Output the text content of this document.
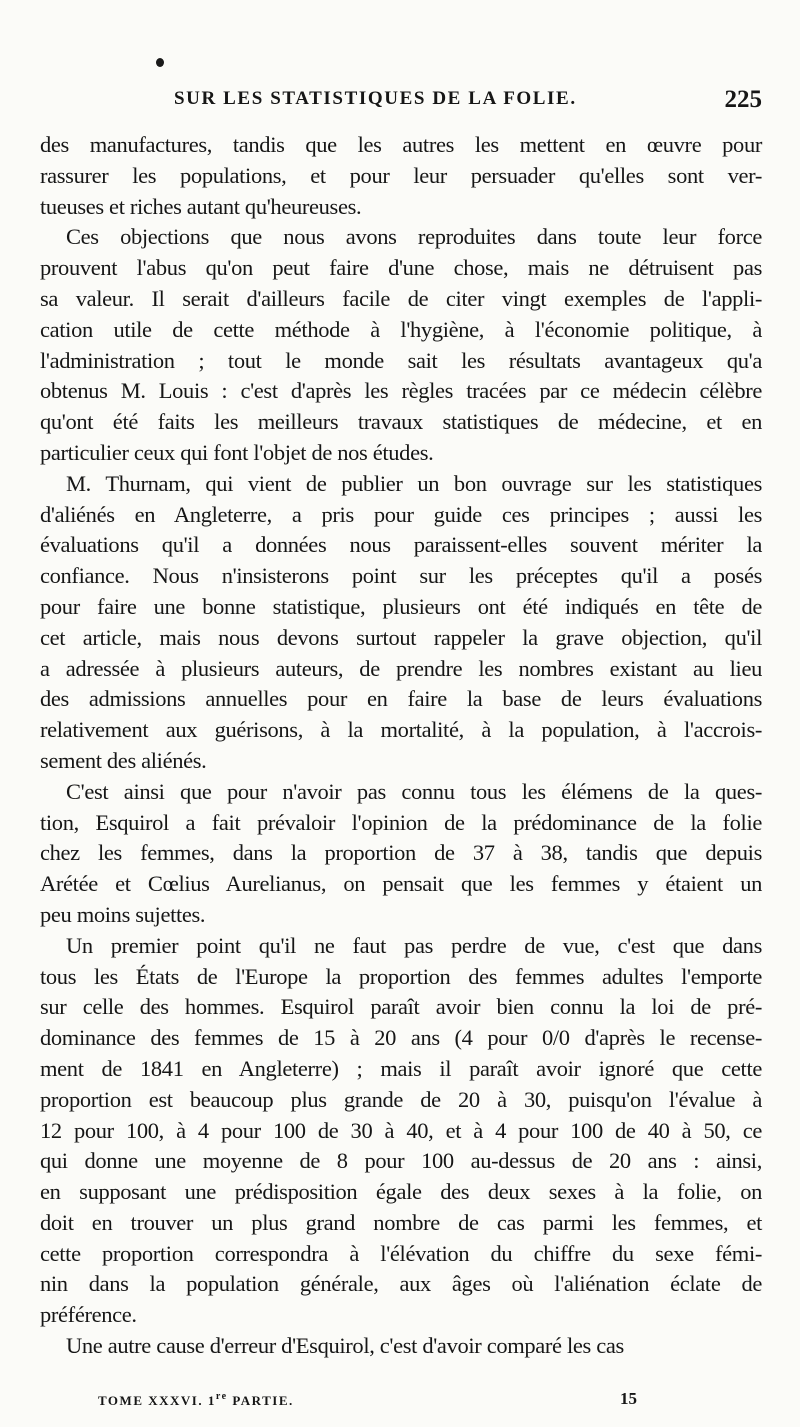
SUR LES STATISTIQUES DE LA FOLIE.	225
des manufactures, tandis que les autres les mettent en œuvre pour
rassurer les populations, et pour leur persuader qu'elles sont ver-
tueuses et riches autant qu'heureuses.
Ces objections que nous avons reproduites dans toute leur force
prouvent l'abus qu'on peut faire d'une chose, mais ne détruisent pas
sa valeur. Il serait d'ailleurs facile de citer vingt exemples de l'appli-
cation utile de cette méthode à l'hygiène, à l'économie politique, à
l'administration ; tout le monde sait les résultats avantageux qu'a
obtenus M. Louis : c'est d'après les règles tracées par ce médecin célèbre
qu'ont été faits les meilleurs travaux statistiques de médecine, et en
particulier ceux qui font l'objet de nos études.
M. Thurnam, qui vient de publier un bon ouvrage sur les statistiques
d'aliénés en Angleterre, a pris pour guide ces principes ; aussi les
évaluations qu'il a données nous paraissent-elles souvent mériter la
confiance. Nous n'insisterons point sur les préceptes qu'il a posés
pour faire une bonne statistique, plusieurs ont été indiqués en tête de
cet article, mais nous devons surtout rappeler la grave objection, qu'il
a adressée à plusieurs auteurs, de prendre les nombres existant au lieu
des admissions annuelles pour en faire la base de leurs évaluations
relativement aux guérisons, à la mortalité, à la population, à l'accrois-
sement des aliénés.
C'est ainsi que pour n'avoir pas connu tous les élémens de la ques-
tion, Esquirol a fait prévaloir l'opinion de la prédominance de la folie
chez les femmes, dans la proportion de 37 à 38, tandis que depuis
Arétée et Cœlius Aurelianus, on pensait que les femmes y étaient un
peu moins sujettes.
Un premier point qu'il ne faut pas perdre de vue, c'est que dans
tous les États de l'Europe la proportion des femmes adultes l'emporte
sur celle des hommes. Esquirol paraît avoir bien connu la loi de pré-
dominance des femmes de 15 à 20 ans (4 pour 0/0 d'après le recense-
ment de 1841 en Angleterre) ; mais il paraît avoir ignoré que cette
proportion est beaucoup plus grande de 20 à 30, puisqu'on l'évalue à
12 pour 100, à 4 pour 100 de 30 à 40, et à 4 pour 100 de 40 à 50, ce
qui donne une moyenne de 8 pour 100 au-dessus de 20 ans : ainsi,
en supposant une prédisposition égale des deux sexes à la folie, on
doit en trouver un plus grand nombre de cas parmi les femmes, et
cette proportion correspondra à l'élévation du chiffre du sexe fémi-
nin dans la population générale, aux âges où l'aliénation éclate de
préférence.
Une autre cause d'erreur d'Esquirol, c'est d'avoir comparé les cas
TOME XXXVI. 1re PARTIE.	15
